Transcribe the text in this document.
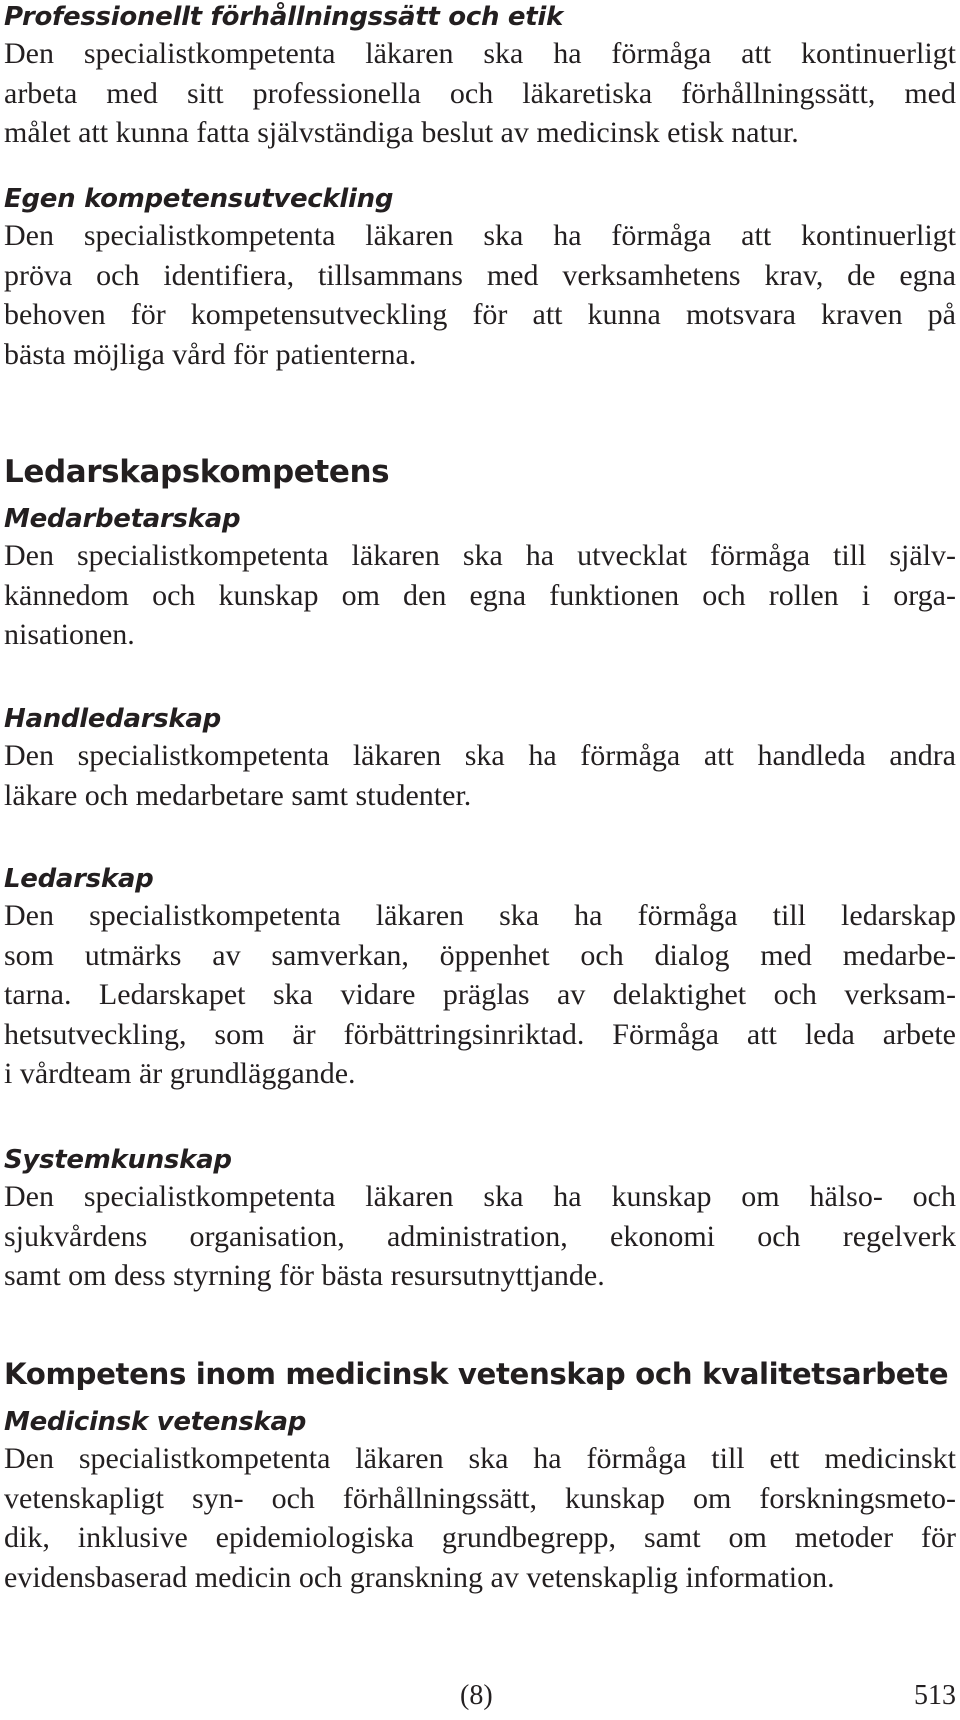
Professionellt förhållningssätt och etik

Den specialistkompetenta läkaren ska ha förmåga att kontinuerligt
arbeta med sitt professionella och läkaretiska förhållningssätt, med
målet att kunna fatta självständiga beslut av medicinsk etisk natur.

Egen kompetensutveckling

Den specialistkompetenta läkaren ska ha förmåga att kontinuerligt
pröva och identifiera, tillsammans med verksamhetens krav, de egna
behoven för kompetensutveckling för att kunna motsvara kraven på
bästa möjliga vård för patienterna.

Ledarskapskompetens
Medarbetarskap

Den specialistkompetenta läkaren ska ha utvecklat förmåga till själv-
kännedom och kunskap om den egna funktionen och rollen i orga-
nisationen.

Handledarskap

Den specialistkompetenta läkaren ska ha förmåga att handleda andra
läkare och medarbetare samt studenter.

Ledarskap

Den specialistkompetenta läkaren ska ha förmåga till ledarskap
som utmärks av samverkan, öppenhet och dialog med medarbe-
tarna. Ledarskapet ska vidare präglas av delaktighet och verksam-
hetsutveckling, som är förbättringsinriktad. Förmåga att leda arbete
i vårdteam är grundläggande.

Systemkunskap

Den specialistkompetenta läkaren ska ha kunskap om hälso- och
sjukvårdens organisation, administration, ekonomi och regelverk
samt om dess styrning för bästa resursutnyttjande.

Kompetens inom medicinsk vetenskap och kvalitetsarbete
Medicinsk vetenskap

Den specialistkompetenta läkaren ska ha förmåga till ett medicinskt
vetenskapligt syn- och förhållningssätt, kunskap om forskningsmeto-
dik, inklusive epidemiologiska grundbegrepp, samt om metoder för
evidensbaserad medicin och granskning av vetenskaplig information.

(8)	513
